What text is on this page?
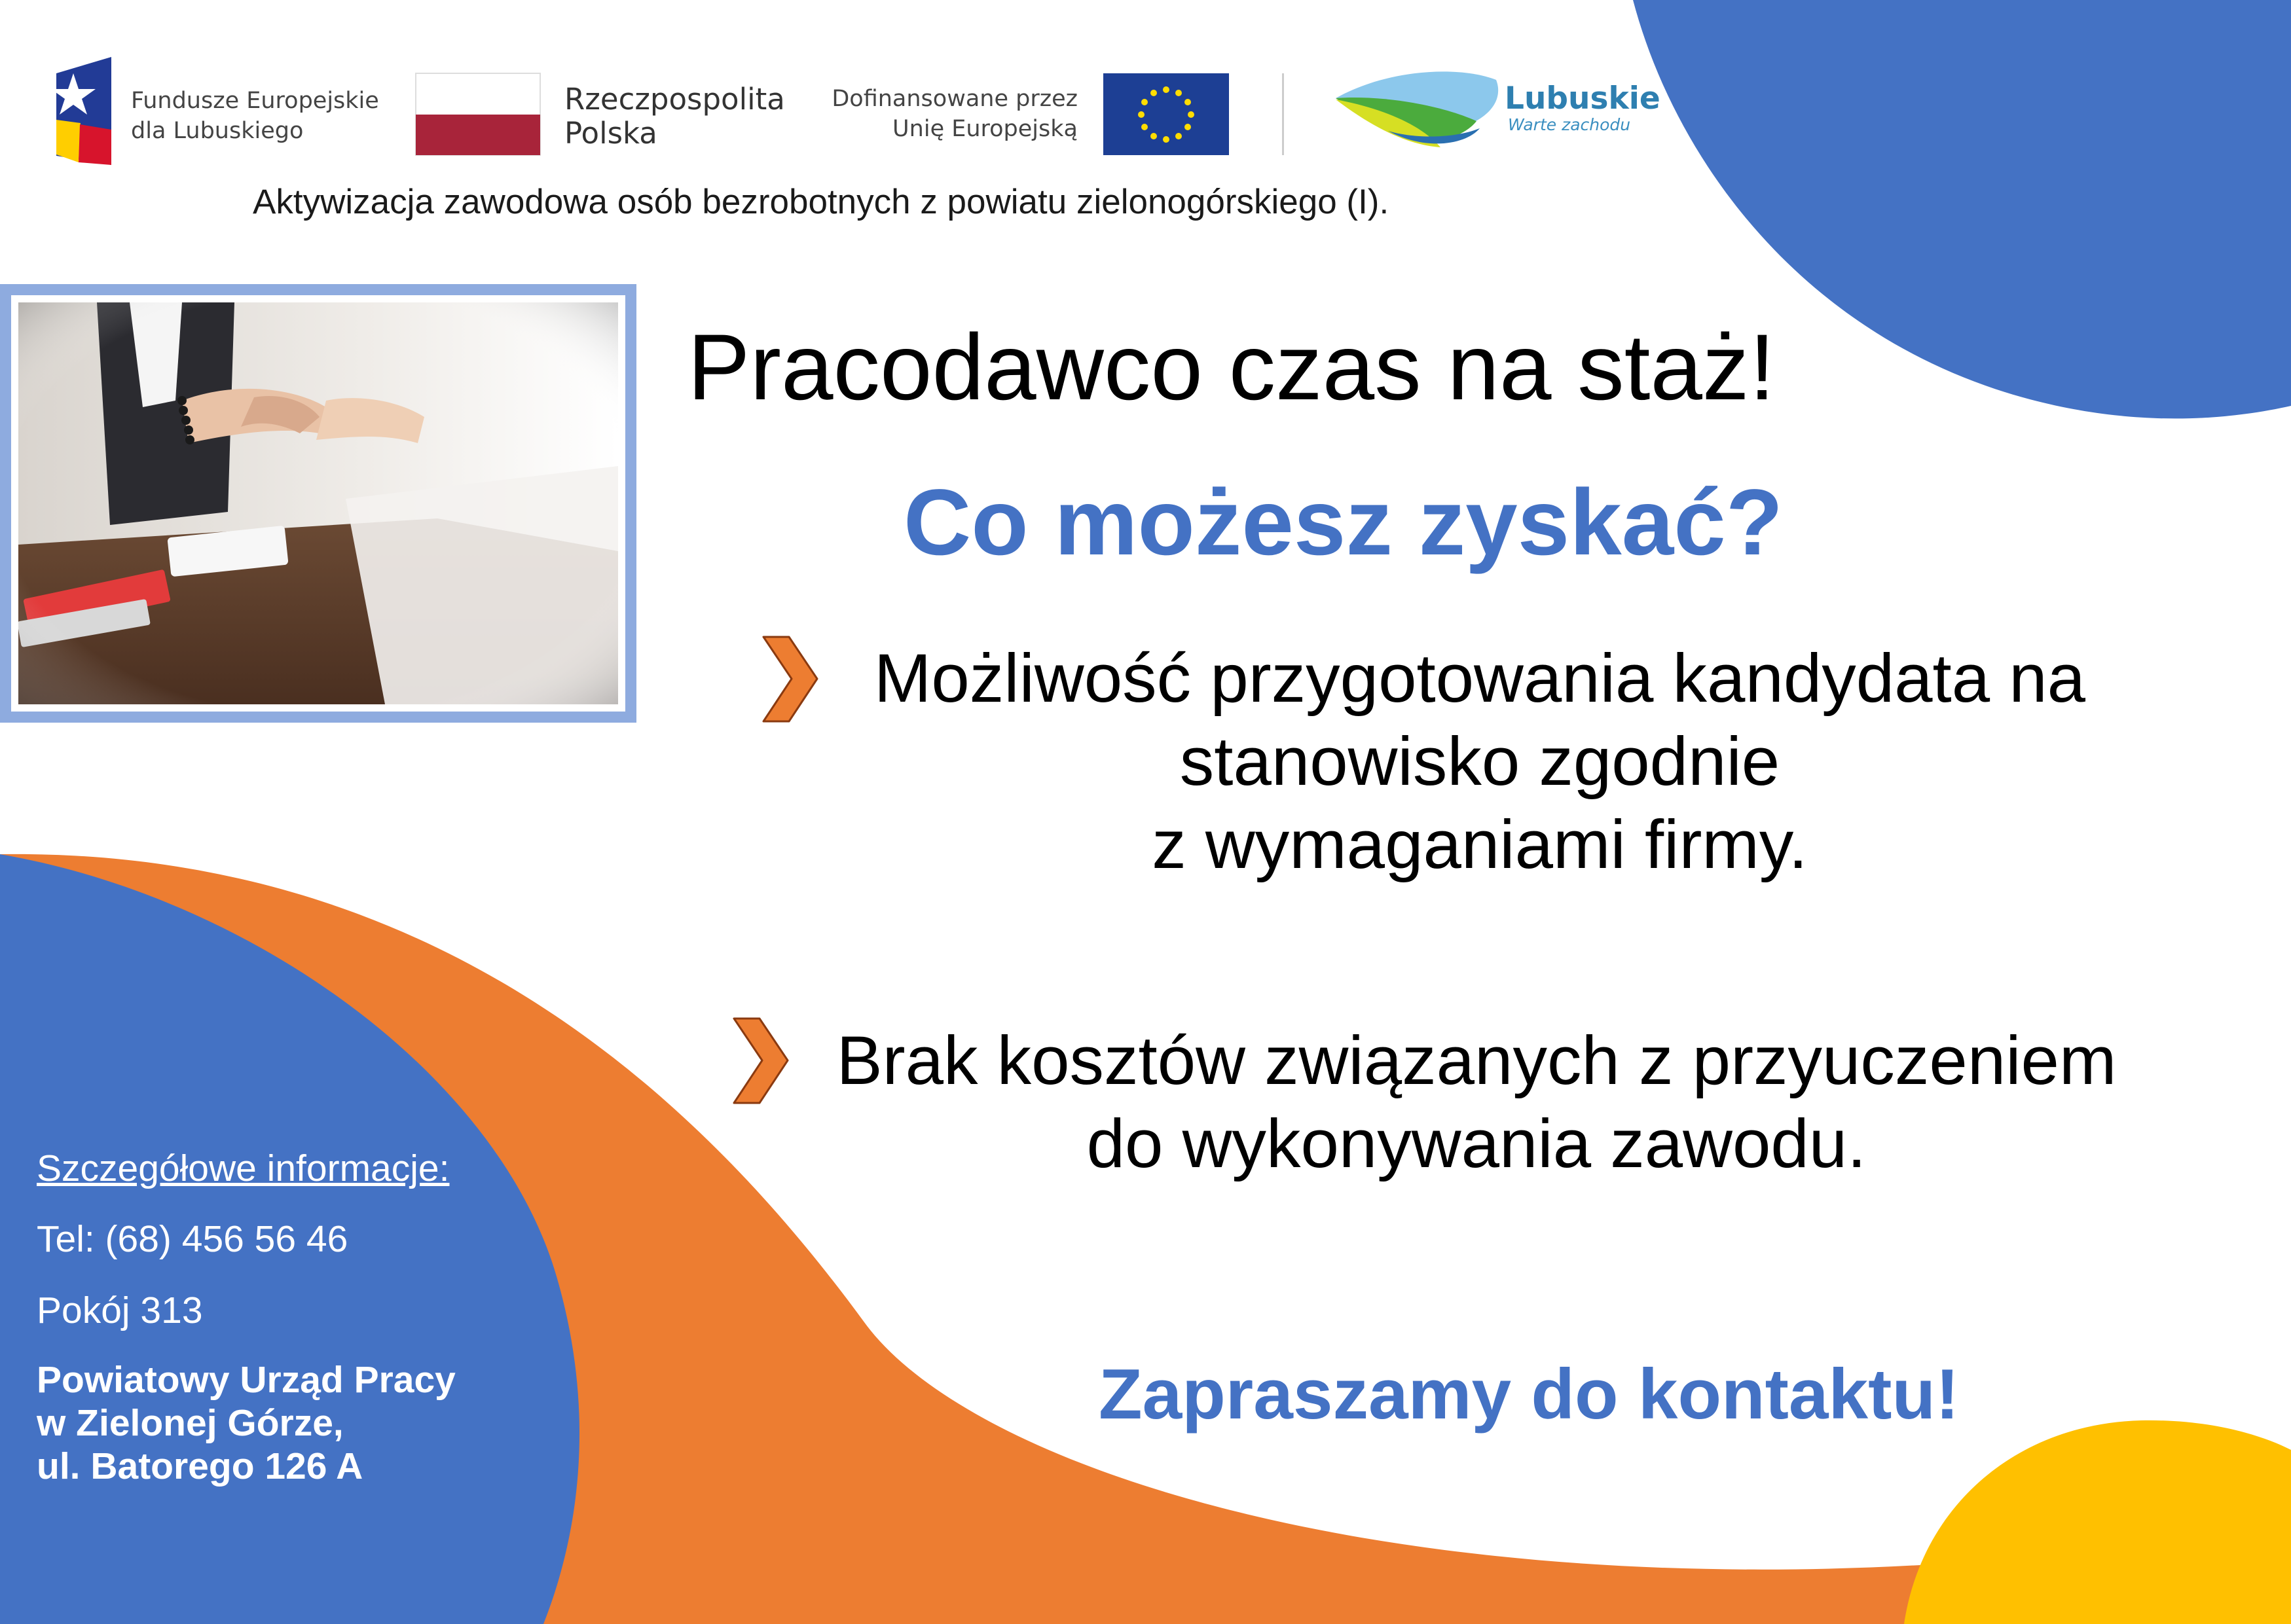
Fundusze Europejskie
dla Lubuskiego
Rzeczpospolita
Polska
Dofinansowane przez
Unię Europejską
Lubuskie
Warte zachodu
Aktywizacja zawodowa osób bezrobotnych z powiatu zielonogórskiego (I).
Pracodawco czas na staż!
Co możesz zyskać?
Możliwość przygotowania kandydata na
stanowisko zgodnie
z wymaganiami firmy.
Brak kosztów związanych z przyuczeniem
do wykonywania zawodu.
Zapraszamy do kontaktu!
Szczegółowe informacje:
Tel: (68) 456 56 46
Pokój 313
Powiatowy Urząd Pracy
w Zielonej Górze,
ul. Batorego 126 A
